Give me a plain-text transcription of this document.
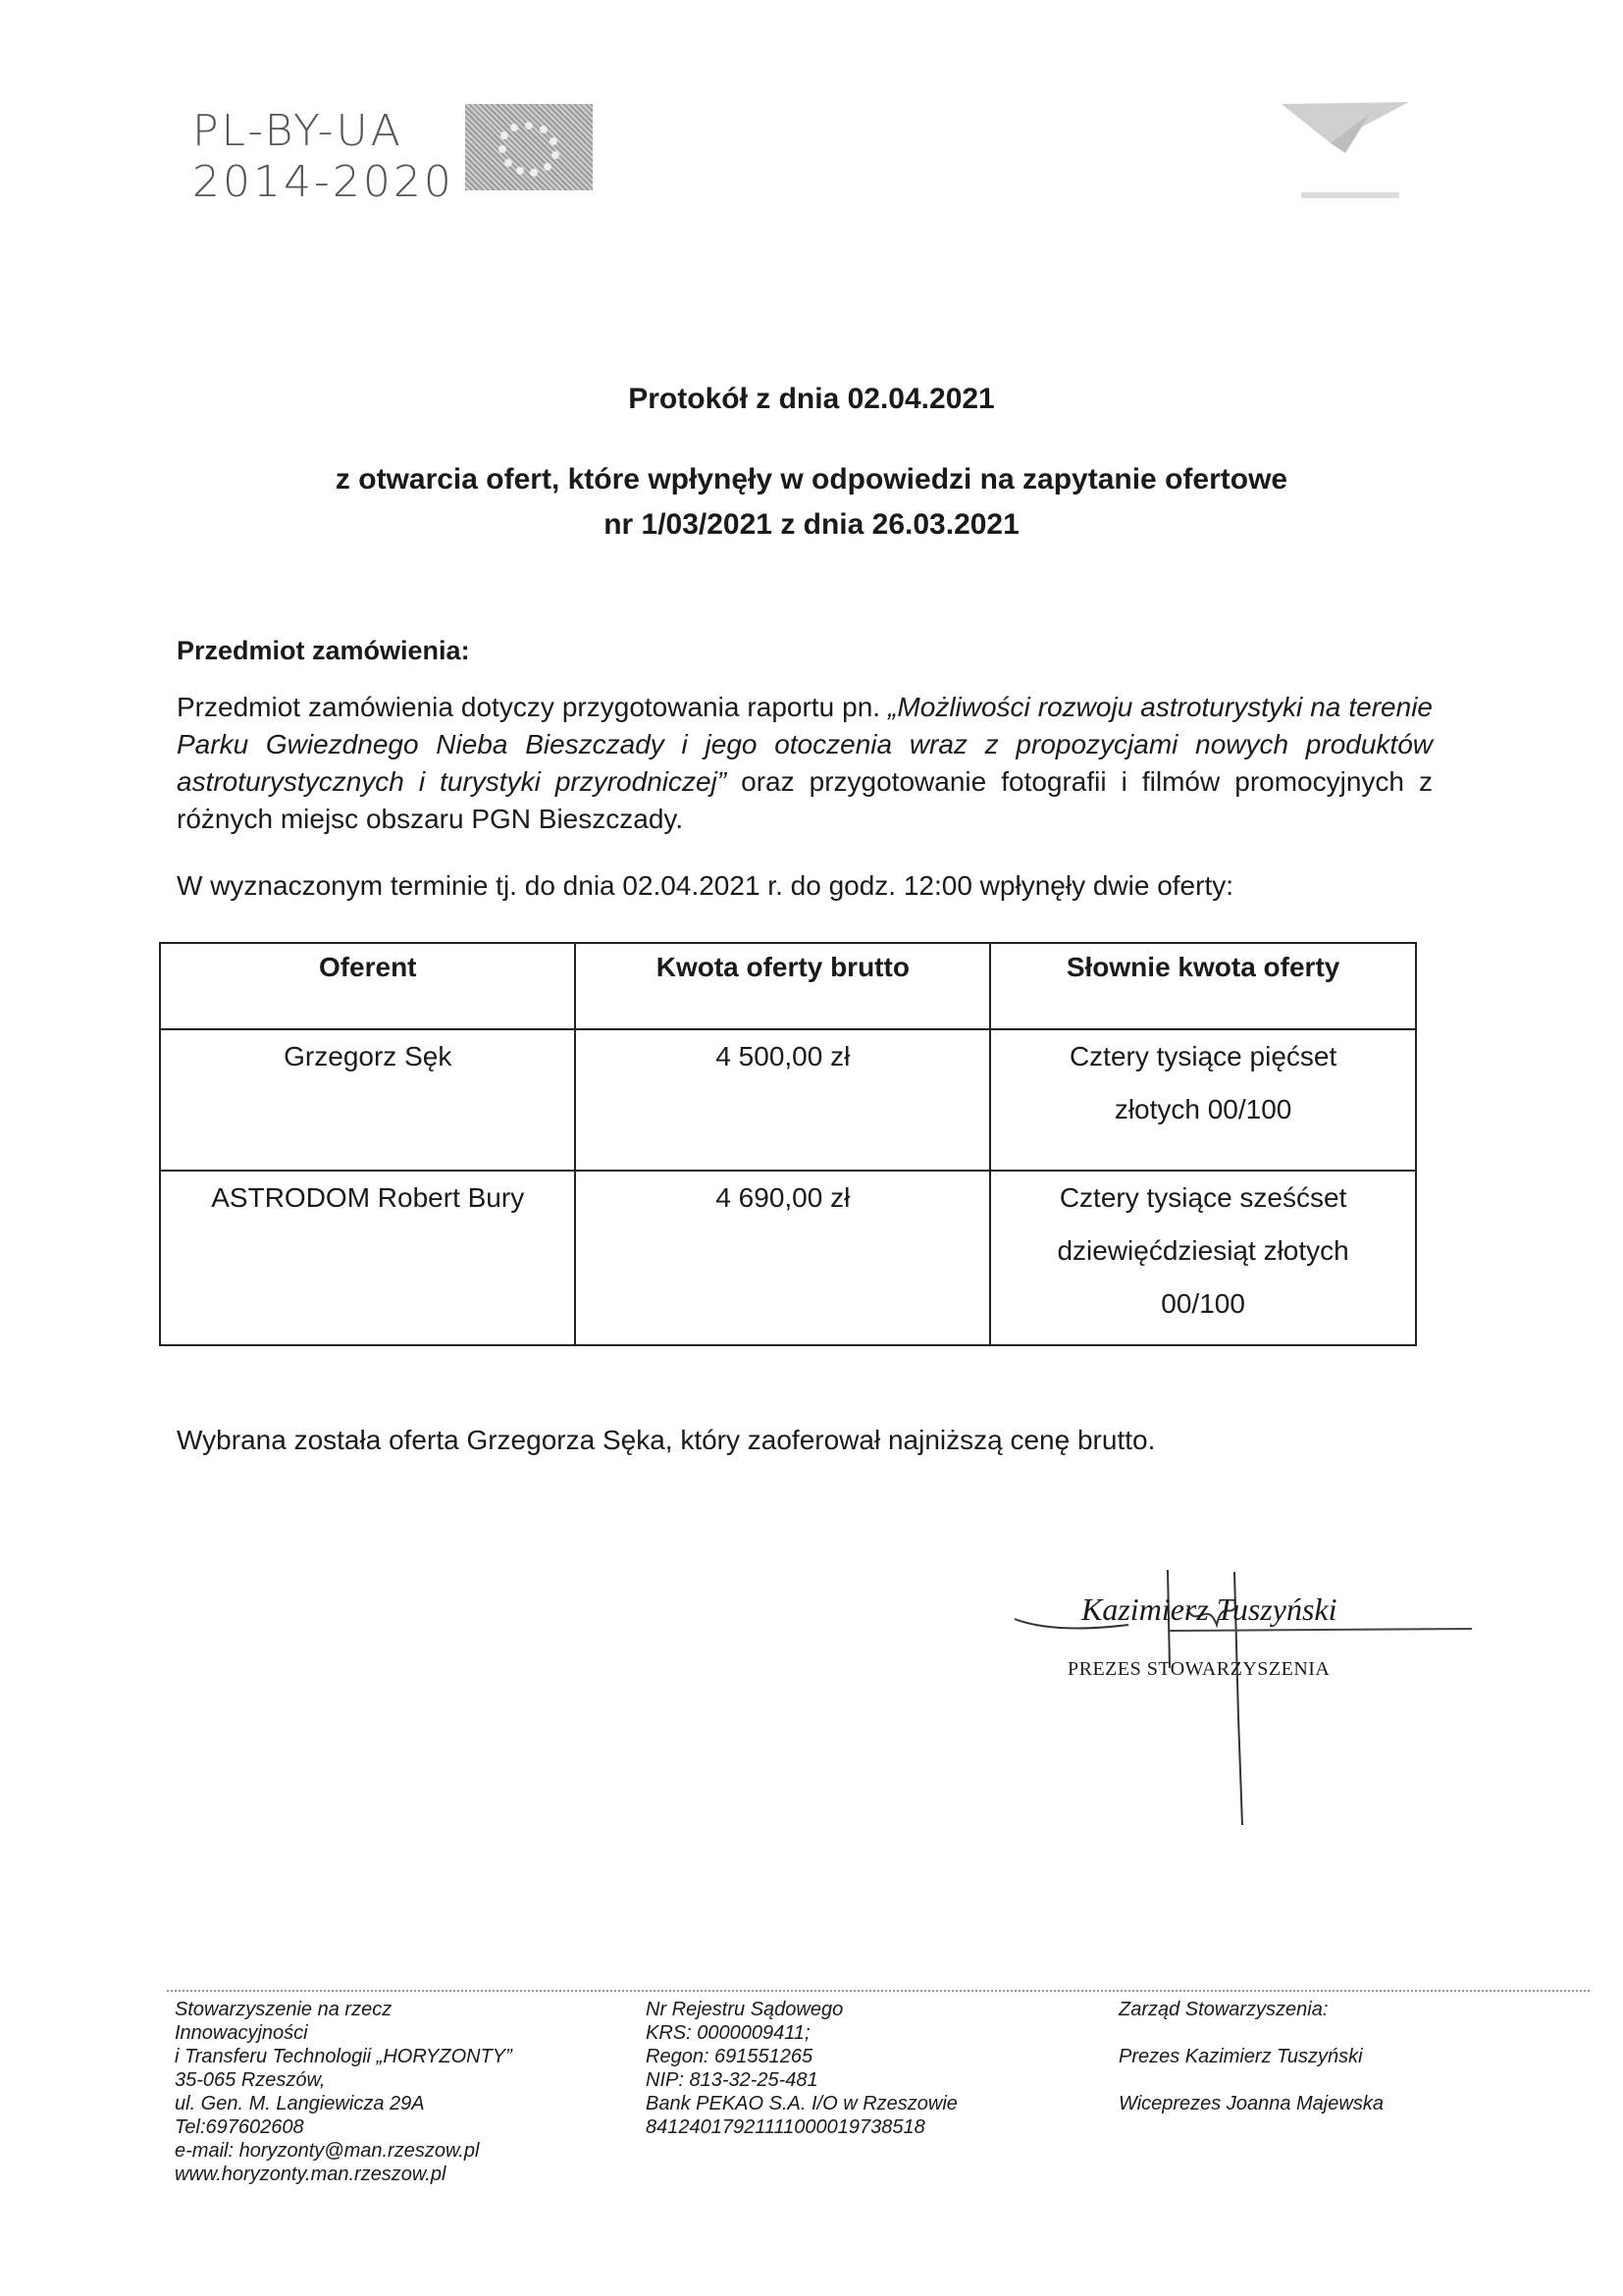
PL-BY-UA
2014-2020
Protokół z dnia 02.04.2021
z otwarcia ofert, które wpłynęły w odpowiedzi na zapytanie ofertowe
nr 1/03/2021 z dnia 26.03.2021
Przedmiot zamówienia:
Przedmiot zamówienia dotyczy przygotowania raportu pn. „Możliwości rozwoju astroturystyki na terenie Parku Gwiezdnego Nieba Bieszczady i jego otoczenia wraz z propozycjami nowych produktów astroturystycznych i turystyki przyrodniczej” oraz przygotowanie fotografii i filmów promocyjnych z różnych miejsc obszaru PGN Bieszczady.
W wyznaczonym terminie tj. do dnia 02.04.2021 r. do godz. 12:00 wpłynęły dwie oferty:
Oferent	Kwota oferty brutto	Słownie kwota oferty
Grzegorz Sęk	4 500,00 zł	Cztery tysiące pięćset
złotych 00/100

ASTRODOM Robert Bury	4 690,00 zł	Cztery tysiące sześćset
dziewięćdziesiąt złotych
00/100
Wybrana została oferta Grzegorza Sęka, który zaoferował najniższą cenę brutto.
Kazimierz Tuszyński
PREZES STOWARZYSZENIA
Stowarzyszenie na rzecz
Innowacyjności
i Transferu Technologii „HORYZONTY”
35-065 Rzeszów,
ul. Gen. M. Langiewicza 29A
Tel:697602608
e-mail: horyzonty@man.rzeszow.pl
www.horyzonty.man.rzeszow.pl
Nr Rejestru Sądowego
KRS: 0000009411;
Regon: 691551265
NIP: 813-32-25-481
Bank PEKAO S.A. I/O w Rzeszowie
84124017921111000019738518
Zarząd Stowarzyszenia:
Prezes Kazimierz Tuszyński
Wiceprezes Joanna Majewska
